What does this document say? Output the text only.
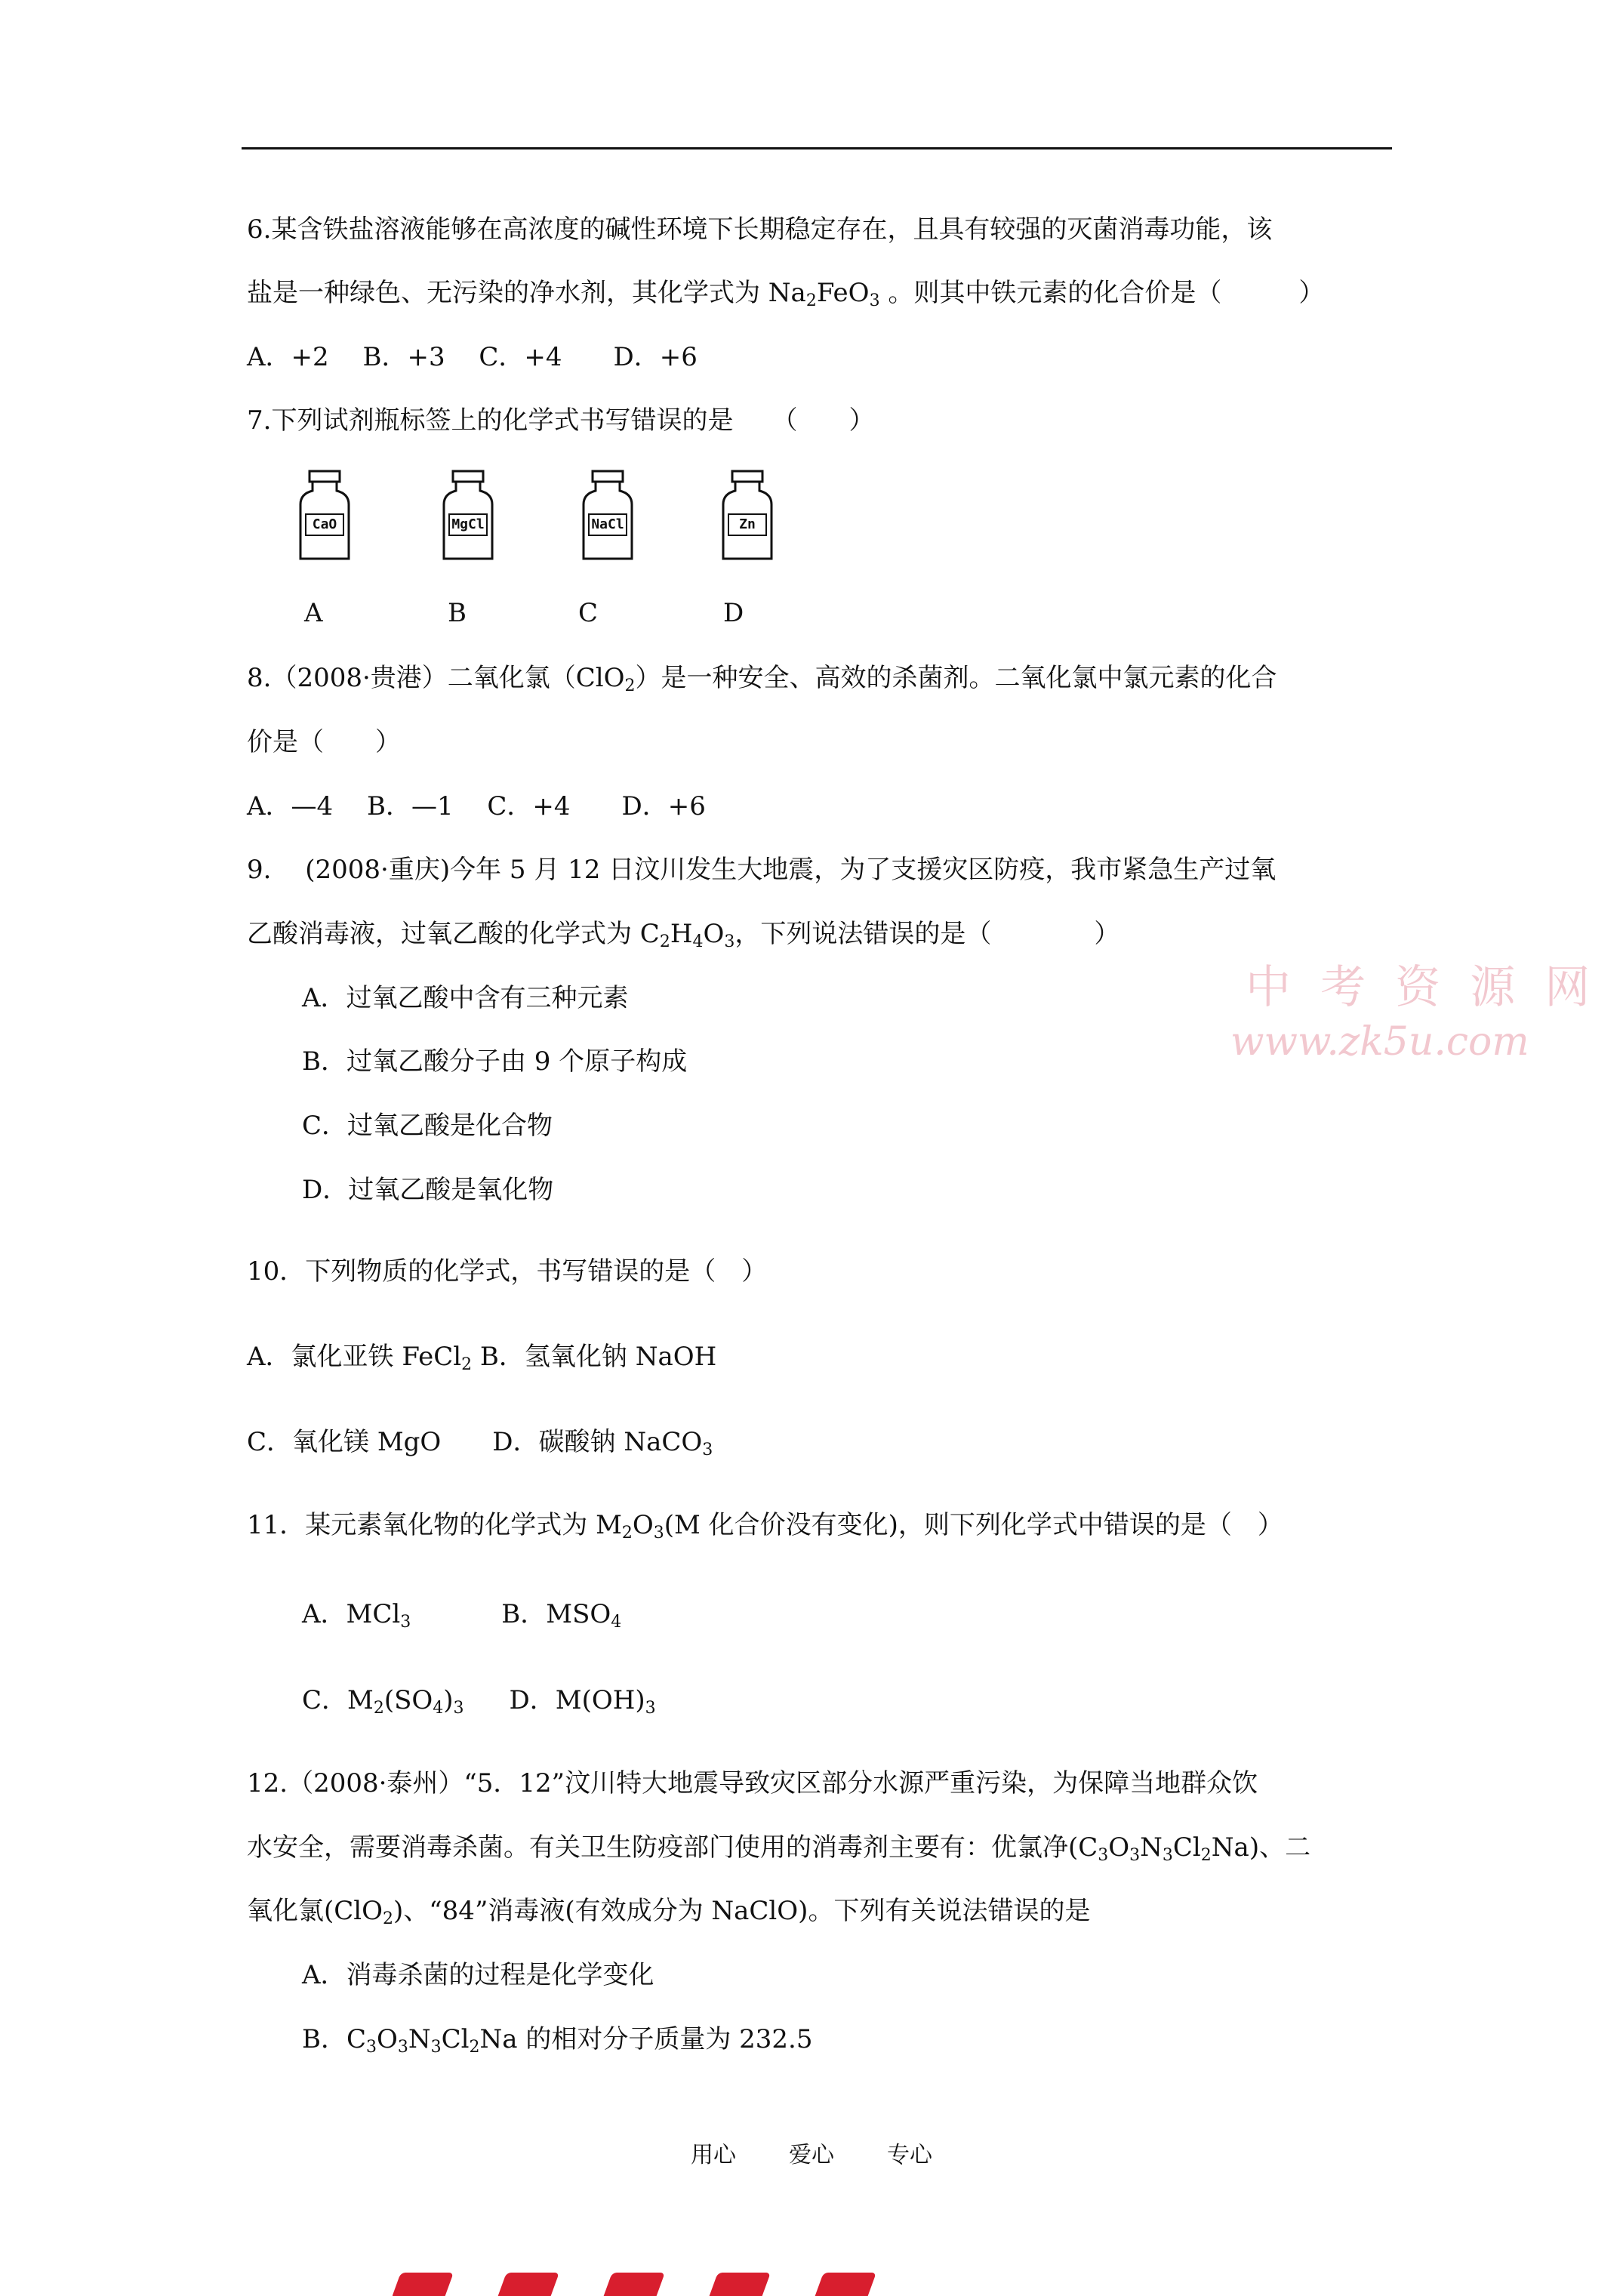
6.某含铁盐溶液能够在高浓度的碱性环境下长期稳定存在，且具有较强的灭菌消毒功能，该
盐是一种绿色、无污染的净水剂，其化学式为 $Na_2FeO_3$ 。则其中铁元素的化合价是（　　　）
A．+2　 B．+3　 C．+4　　D．+6
7.下列试剂瓶标签上的化学式书写错误的是　　（　　）
CaO	MgCl	NaCl	Zn
A	B	C	D
8.（2008·贵港）二氧化氯（ClO$_2$）是一种安全、高效的杀菌剂。二氧化氯中氯元素的化合
价是（　　）
A．—4　 B．—1　 C．+4　　D．+6
9.　 (2008·重庆)今年 5 月 12 日汶川发生大地震，为了支援灾区防疫，我市紧急生产过氧
乙酸消毒液，过氧乙酸的化学式为 $C_2H_4O_3$，下列说法错误的是（　　　　）
A．过氧乙酸中含有三种元素
B．过氧乙酸分子由 9 个原子构成
C．过氧乙酸是化合物
D．过氧乙酸是氧化物
10．下列物质的化学式，书写错误的是（　）
A．氯化亚铁 FeCl$_2$ B．氢氧化钠 NaOH
C．氧化镁 MgO　　D．碳酸钠 NaCO$_3$
11．某元素氧化物的化学式为 $M_2O_3(M$ 化合价没有变化)，则下列化学式中错误的是（　）
A．MCl$_3$	B．$MSO_4$
C．$M_2(SO_4)_3$ D．$M(OH)_3$
12.（2008·泰州）“5．12”汶川特大地震导致灾区部分水源严重污染，为保障当地群众饮
水安全，需要消毒杀菌。有关卫生防疫部门使用的消毒剂主要有：优氯净$(C_3O_3N_3Cl_2Na)$、二
氧化氯(ClO$_2$)、“84”消毒液(有效成分为 NaClO)。下列有关说法错误的是
A．消毒杀菌的过程是化学变化
B．$C_3O_3N_3Cl_2Na$ 的相对分子质量为 232.5
中 考 资 源 网
www.zk5u.com
用心 爱心 专心
